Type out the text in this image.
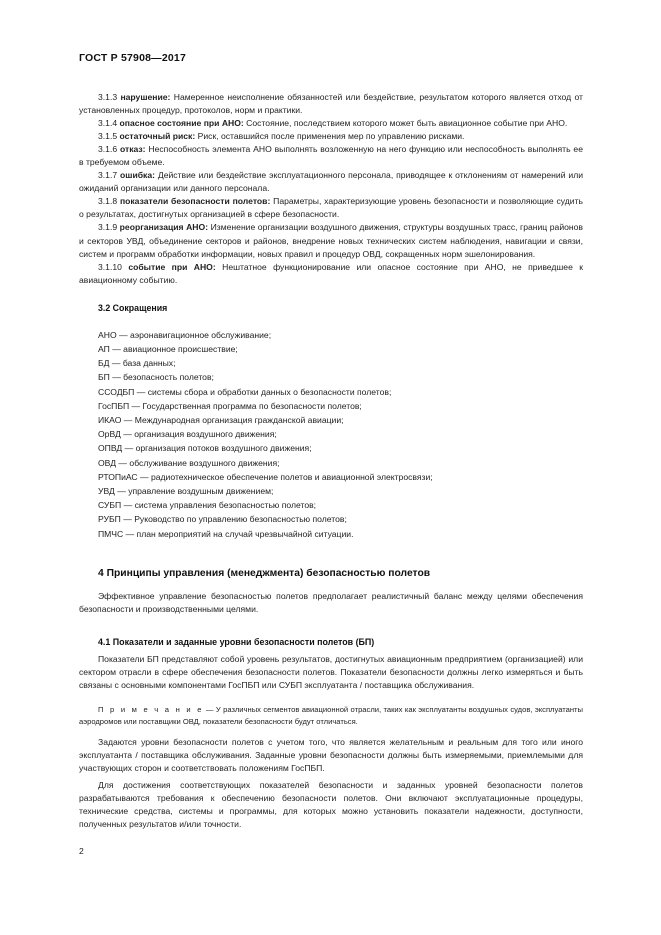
ГОСТ Р 57908—2017

3.1.3 нарушение: Намеренное неисполнение обязанностей или бездействие, результатом которого является отход от установленных процедур, протоколов, норм и практики.

3.1.4 опасное состояние при АНО: Состояние, последствием которого может быть авиационное событие при АНО.

3.1.5 остаточный риск: Риск, оставшийся после применения мер по управлению рисками.

3.1.6 отказ: Неспособность элемента АНО выполнять возложенную на него функцию или неспособность выполнять ее в требуемом объеме.

3.1.7 ошибка: Действие или бездействие эксплуатационного персонала, приводящее к отклонениям от намерений или ожиданий организации или данного персонала.

3.1.8 показатели безопасности полетов: Параметры, характеризующие уровень безопасности и позволяющие судить о результатах, достигнутых организацией в сфере безопасности.

3.1.9 реорганизация АНО: Изменение организации воздушного движения, структуры воздушных трасс, границ районов и секторов УВД, объединение секторов и районов, внедрение новых технических систем наблюдения, навигации и связи, систем и программ обработки информации, новых правил и процедур ОВД, сокращенных норм эшелонирования.

3.1.10 событие при АНО: Нештатное функционирование или опасное состояние при АНО, не приведшее к авиационному событию.

3.2 Сокращения
АНО — аэронавигационное обслуживание;
АП — авиационное происшествие;
БД — база данных;
БП — безопасность полетов;
ССОДБП — системы сбора и обработки данных о безопасности полетов;
ГосПБП — Государственная программа по безопасности полетов;
ИКАО — Международная организация гражданской авиации;
ОрВД — организация воздушного движения;
ОПВД — организация потоков воздушного движения;
ОВД — обслуживание воздушного движения;
РТОПиАС — радиотехническое обеспечение полетов и авиационной электросвязи;
УВД — управление воздушным движением;
СУБП — система управления безопасностью полетов;
РУБП — Руководство по управлению безопасностью полетов;
ПМЧС — план мероприятий на случай чрезвычайной ситуации.
4 Принципы управления (менеджмента) безопасностью полетов

Эффективное управление безопасностью полетов предполагает реалистичный баланс между целями обеспечения безопасности и производственными целями.

4.1 Показатели и заданные уровни безопасности полетов (БП)

Показатели БП представляют собой уровень результатов, достигнутых авиационным предприятием (организацией) или сектором отрасли в сфере обеспечения безопасности полетов. Показатели безопасности должны легко измеряться и быть связаны с основными компонентами ГосПБП или СУБП эксплуатанта / поставщика обслуживания.

П р и м е ч а н и е — У различных сегментов авиационной отрасли, таких как эксплуатанты воздушных судов, эксплуатанты аэродромов или поставщики ОВД, показатели безопасности будут отличаться.

Задаются уровни безопасности полетов с учетом того, что является желательным и реальным для того или иного эксплуатанта / поставщика обслуживания. Заданные уровни безопасности должны быть измеряемыми, приемлемыми для участвующих сторон и соответствовать положениям ГосПБП.

Для достижения соответствующих показателей безопасности и заданных уровней безопасности полетов разрабатываются требования к обеспечению безопасности полетов. Они включают эксплуатационные процедуры, технические средства, системы и программы, для которых можно установить показатели надежности, доступности, полученных результатов и/или точности.

2
